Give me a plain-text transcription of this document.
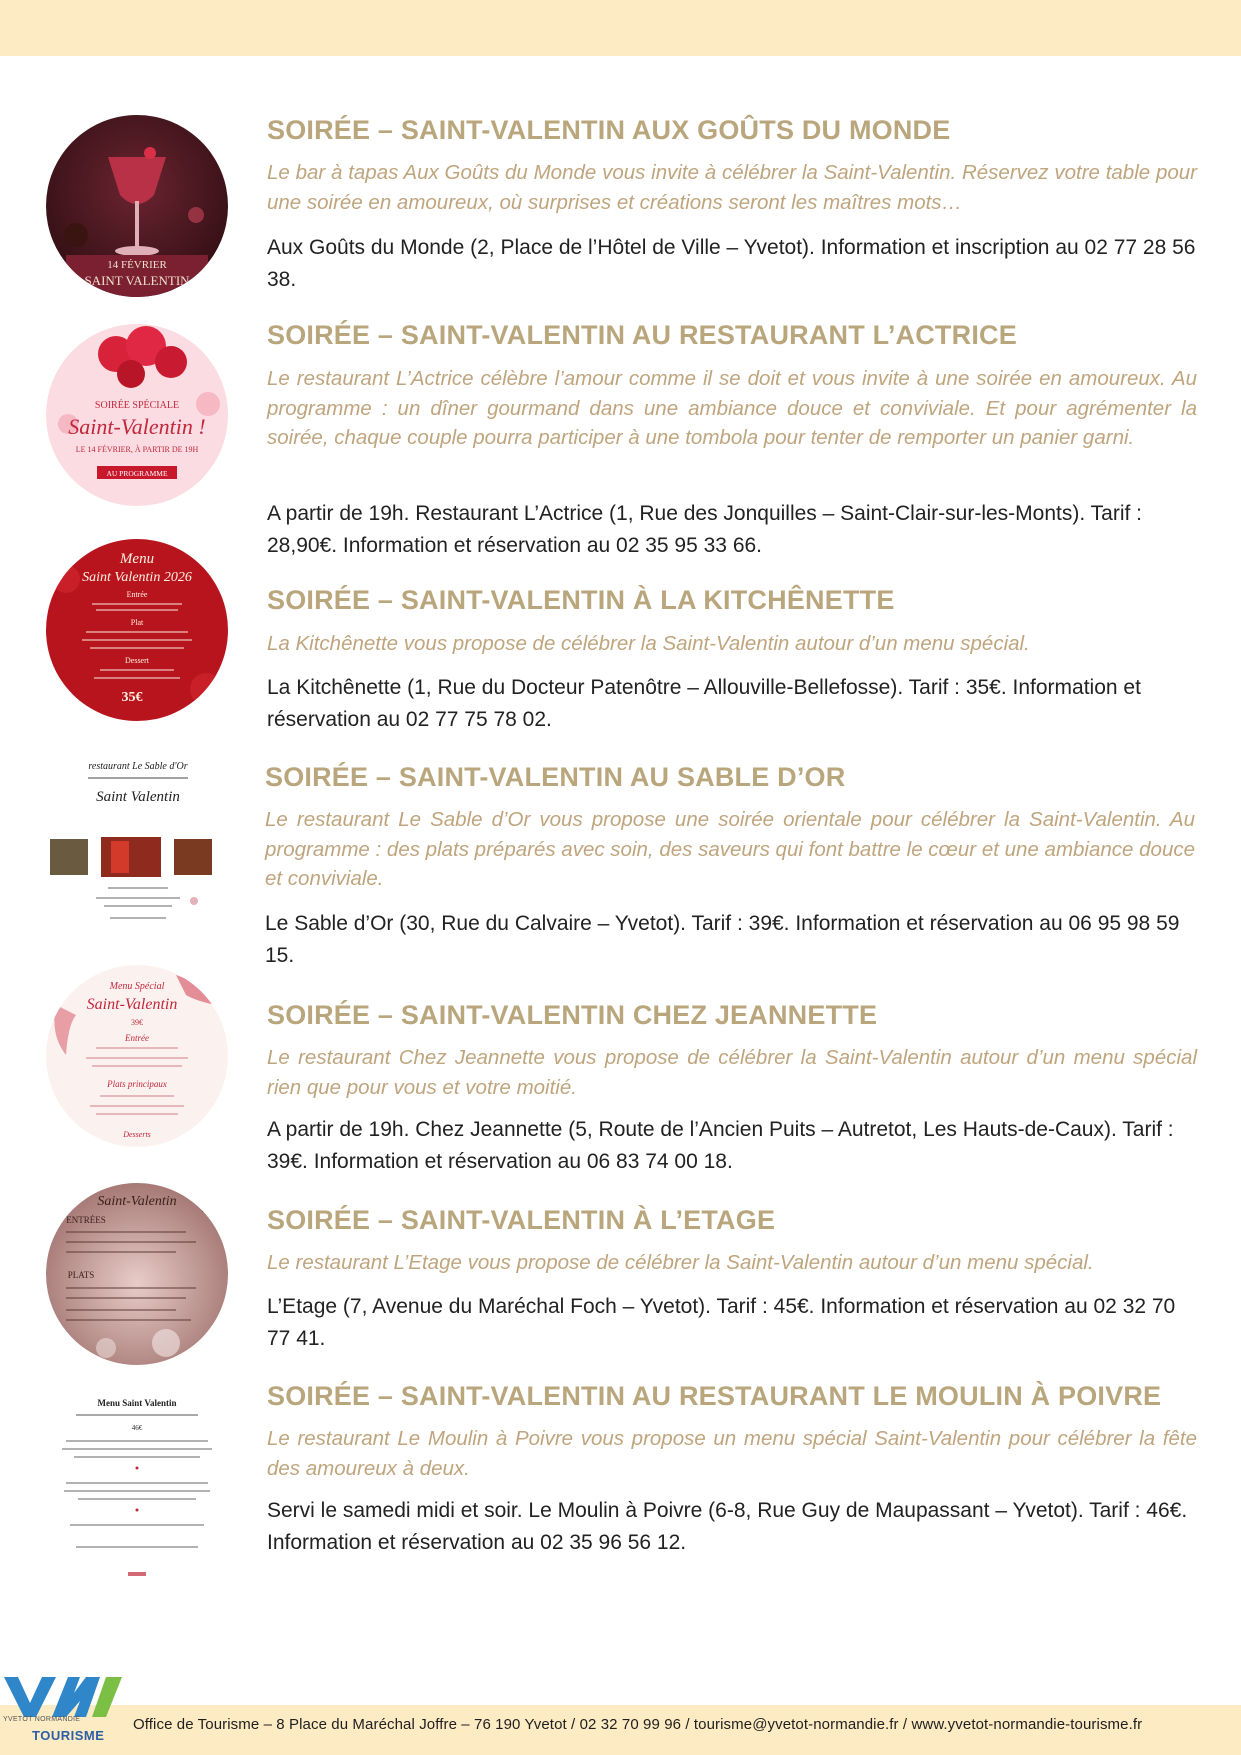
14 FÉVRIER
SAINT VALENTIN
SOIRÉE – SAINT-VALENTIN AUX GOÛTS DU MONDE
Le bar à tapas Aux Goûts du Monde vous invite à célébrer la Saint-Valentin. Réservez votre table pour une soirée en amoureux, où surprises et créations seront les maîtres mots…
Aux Goûts du Monde (2, Place de l’Hôtel de Ville – Yvetot). Information et inscription au 02 77 28 56 38.
SOIRÉE SPÉCIALE
Saint-Valentin !
LE 14 FÉVRIER, À PARTIR DE 19H
AU PROGRAMME
SOIRÉE – SAINT-VALENTIN AU RESTAURANT L’ACTRICE
Le restaurant L’Actrice célèbre l’amour comme il se doit et vous invite à une soirée en amoureux. Au programme : un dîner gourmand dans une ambiance douce et conviviale. Et pour agrémenter la soirée, chaque couple pourra participer à une tombola pour tenter de remporter un panier garni.
A partir de 19h. Restaurant L’Actrice (1, Rue des Jonquilles – Saint-Clair-sur-les-Monts). Tarif : 28,90€. Information et réservation au 02 35 95 33 66.
Menu
Saint Valentin 2026
Entrée
Plat
Dessert
35€
SOIRÉE – SAINT-VALENTIN À LA KITCHÊNETTE
La Kitchênette vous propose de célébrer la Saint-Valentin autour d’un menu spécial.
La Kitchênette (1, Rue du Docteur Patenôtre – Allouville-Bellefosse). Tarif : 35€. Information et réservation au 02 77 75 78 02.
restaurant Le Sable d'Or
Saint Valentin
SOIRÉE – SAINT-VALENTIN AU SABLE D’OR
Le restaurant Le Sable d’Or vous propose une soirée orientale pour célébrer la Saint-Valentin. Au programme : des plats préparés avec soin, des saveurs qui font battre le cœur et une ambiance douce et conviviale.
Le Sable d’Or (30, Rue du Calvaire – Yvetot). Tarif : 39€. Information et réservation au 06 95 98 59 15.
Menu Spécial
Saint-Valentin
39€
Entrée
Plats principaux
Desserts
SOIRÉE – SAINT-VALENTIN CHEZ JEANNETTE
Le restaurant Chez Jeannette vous propose de célébrer la Saint-Valentin autour d’un menu spécial rien que pour vous et votre moitié.
A partir de 19h. Chez Jeannette (5, Route de l’Ancien Puits – Autretot, Les Hauts-de-Caux). Tarif : 39€. Information et réservation au 06 83 74 00 18.
Saint-Valentin
45
ENTRÉES
PLATS
SOIRÉE – SAINT-VALENTIN À L’ETAGE
Le restaurant L’Etage vous propose de célébrer la Saint-Valentin autour d’un menu spécial.
L’Etage (7, Avenue du Maréchal Foch – Yvetot). Tarif : 45€. Information et réservation au 02 32 70 77 41.
Menu Saint Valentin
46€
SOIRÉE – SAINT-VALENTIN AU RESTAURANT LE MOULIN À POIVRE
Le restaurant Le Moulin à Poivre vous propose un menu spécial Saint-Valentin pour célébrer la fête des amoureux à deux.
Servi le samedi midi et soir. Le Moulin à Poivre (6-8, Rue Guy de Maupassant – Yvetot). Tarif : 46€. Information et réservation au 02 35 96 56 12.
YVETOT NORMANDIE
TOURISME
Office de Tourisme – 8 Place du Maréchal Joffre – 76 190 Yvetot / 02 32 70 99 96 / tourisme@yvetot-normandie.fr / www.yvetot-normandie-tourisme.fr
